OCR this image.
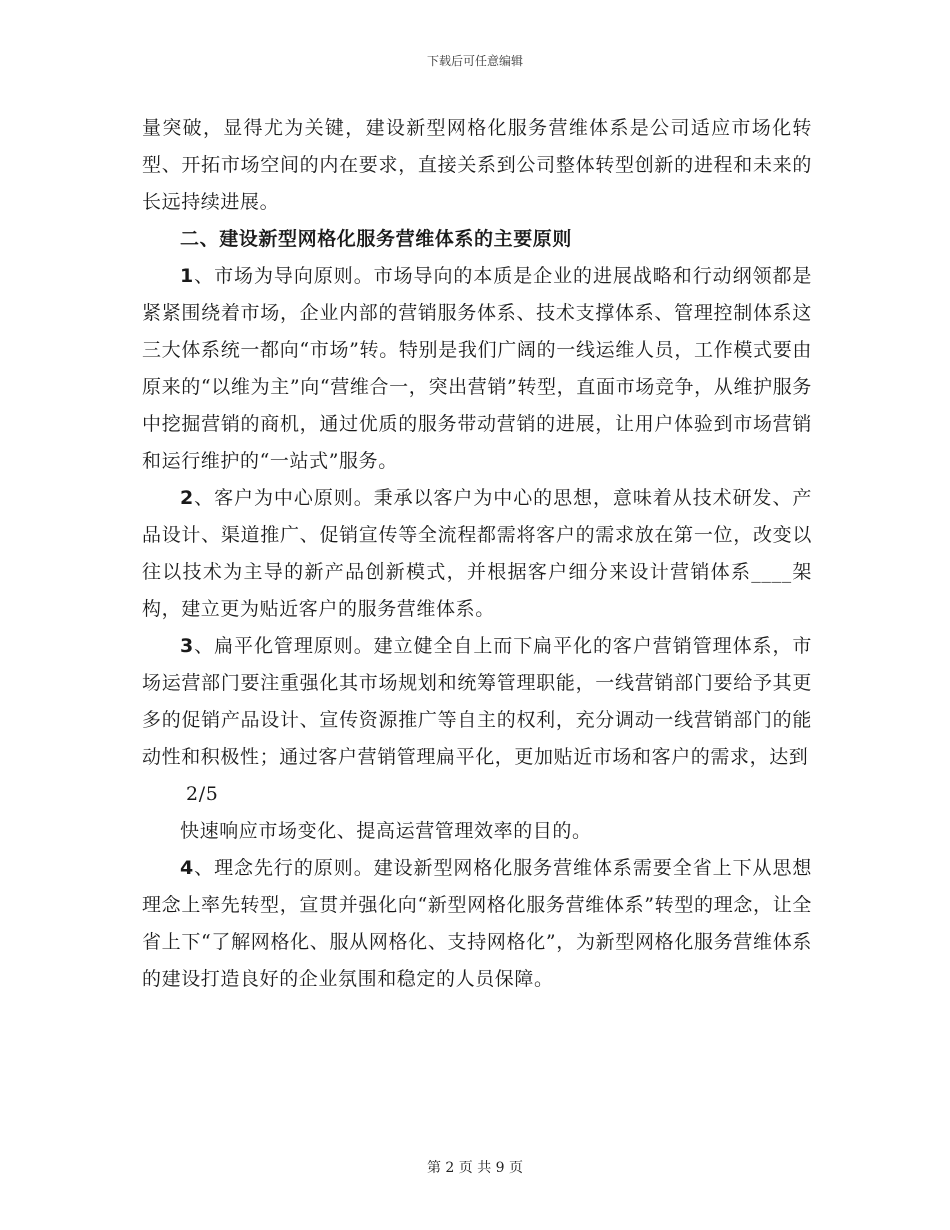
下载后可任意编辑

量突破，显得尤为关键，建设新型网格化服务营维体系是公司适应市场化转型、开拓市场空间的内在要求，直接关系到公司整体转型创新的进程和未来的长远持续进展。

二、建设新型网格化服务营维体系的主要原则

1、市场为导向原则。市场导向的本质是企业的进展战略和行动纲领都是紧紧围绕着市场，企业内部的营销服务体系、技术支撑体系、管理控制体系这三大体系统一都向“市场”转。特别是我们广阔的一线运维人员，工作模式要由原来的“以维为主”向“营维合一，突出营销”转型，直面市场竞争，从维护服务中挖掘营销的商机，通过优质的服务带动营销的进展，让用户体验到市场营销和运行维护的“一站式”服务。

2、客户为中心原则。秉承以客户为中心的思想，意味着从技术研发、产品设计、渠道推广、促销宣传等全流程都需将客户的需求放在第一位，改变以往以技术为主导的新产品创新模式，并根据客户细分来设计营销体系____架构，建立更为贴近客户的服务营维体系。

3、扁平化管理原则。建立健全自上而下扁平化的客户营销管理体系，市场运营部门要注重强化其市场规划和统筹管理职能，一线营销部门要给予其更多的促销产品设计、宣传资源推广等自主的权利，充分调动一线营销部门的能动性和积极性；通过客户营销管理扁平化，更加贴近市场和客户的需求，达到

2/5

快速响应市场变化、提高运营管理效率的目的。

4、理念先行的原则。建设新型网格化服务营维体系需要全省上下从思想理念上率先转型，宣贯并强化向“新型网格化服务营维体系”转型的理念，让全省上下“了解网格化、服从网格化、支持网格化”，为新型网格化服务营维体系的建设打造良好的企业氛围和稳定的人员保障。

第 2 页 共 9 页
